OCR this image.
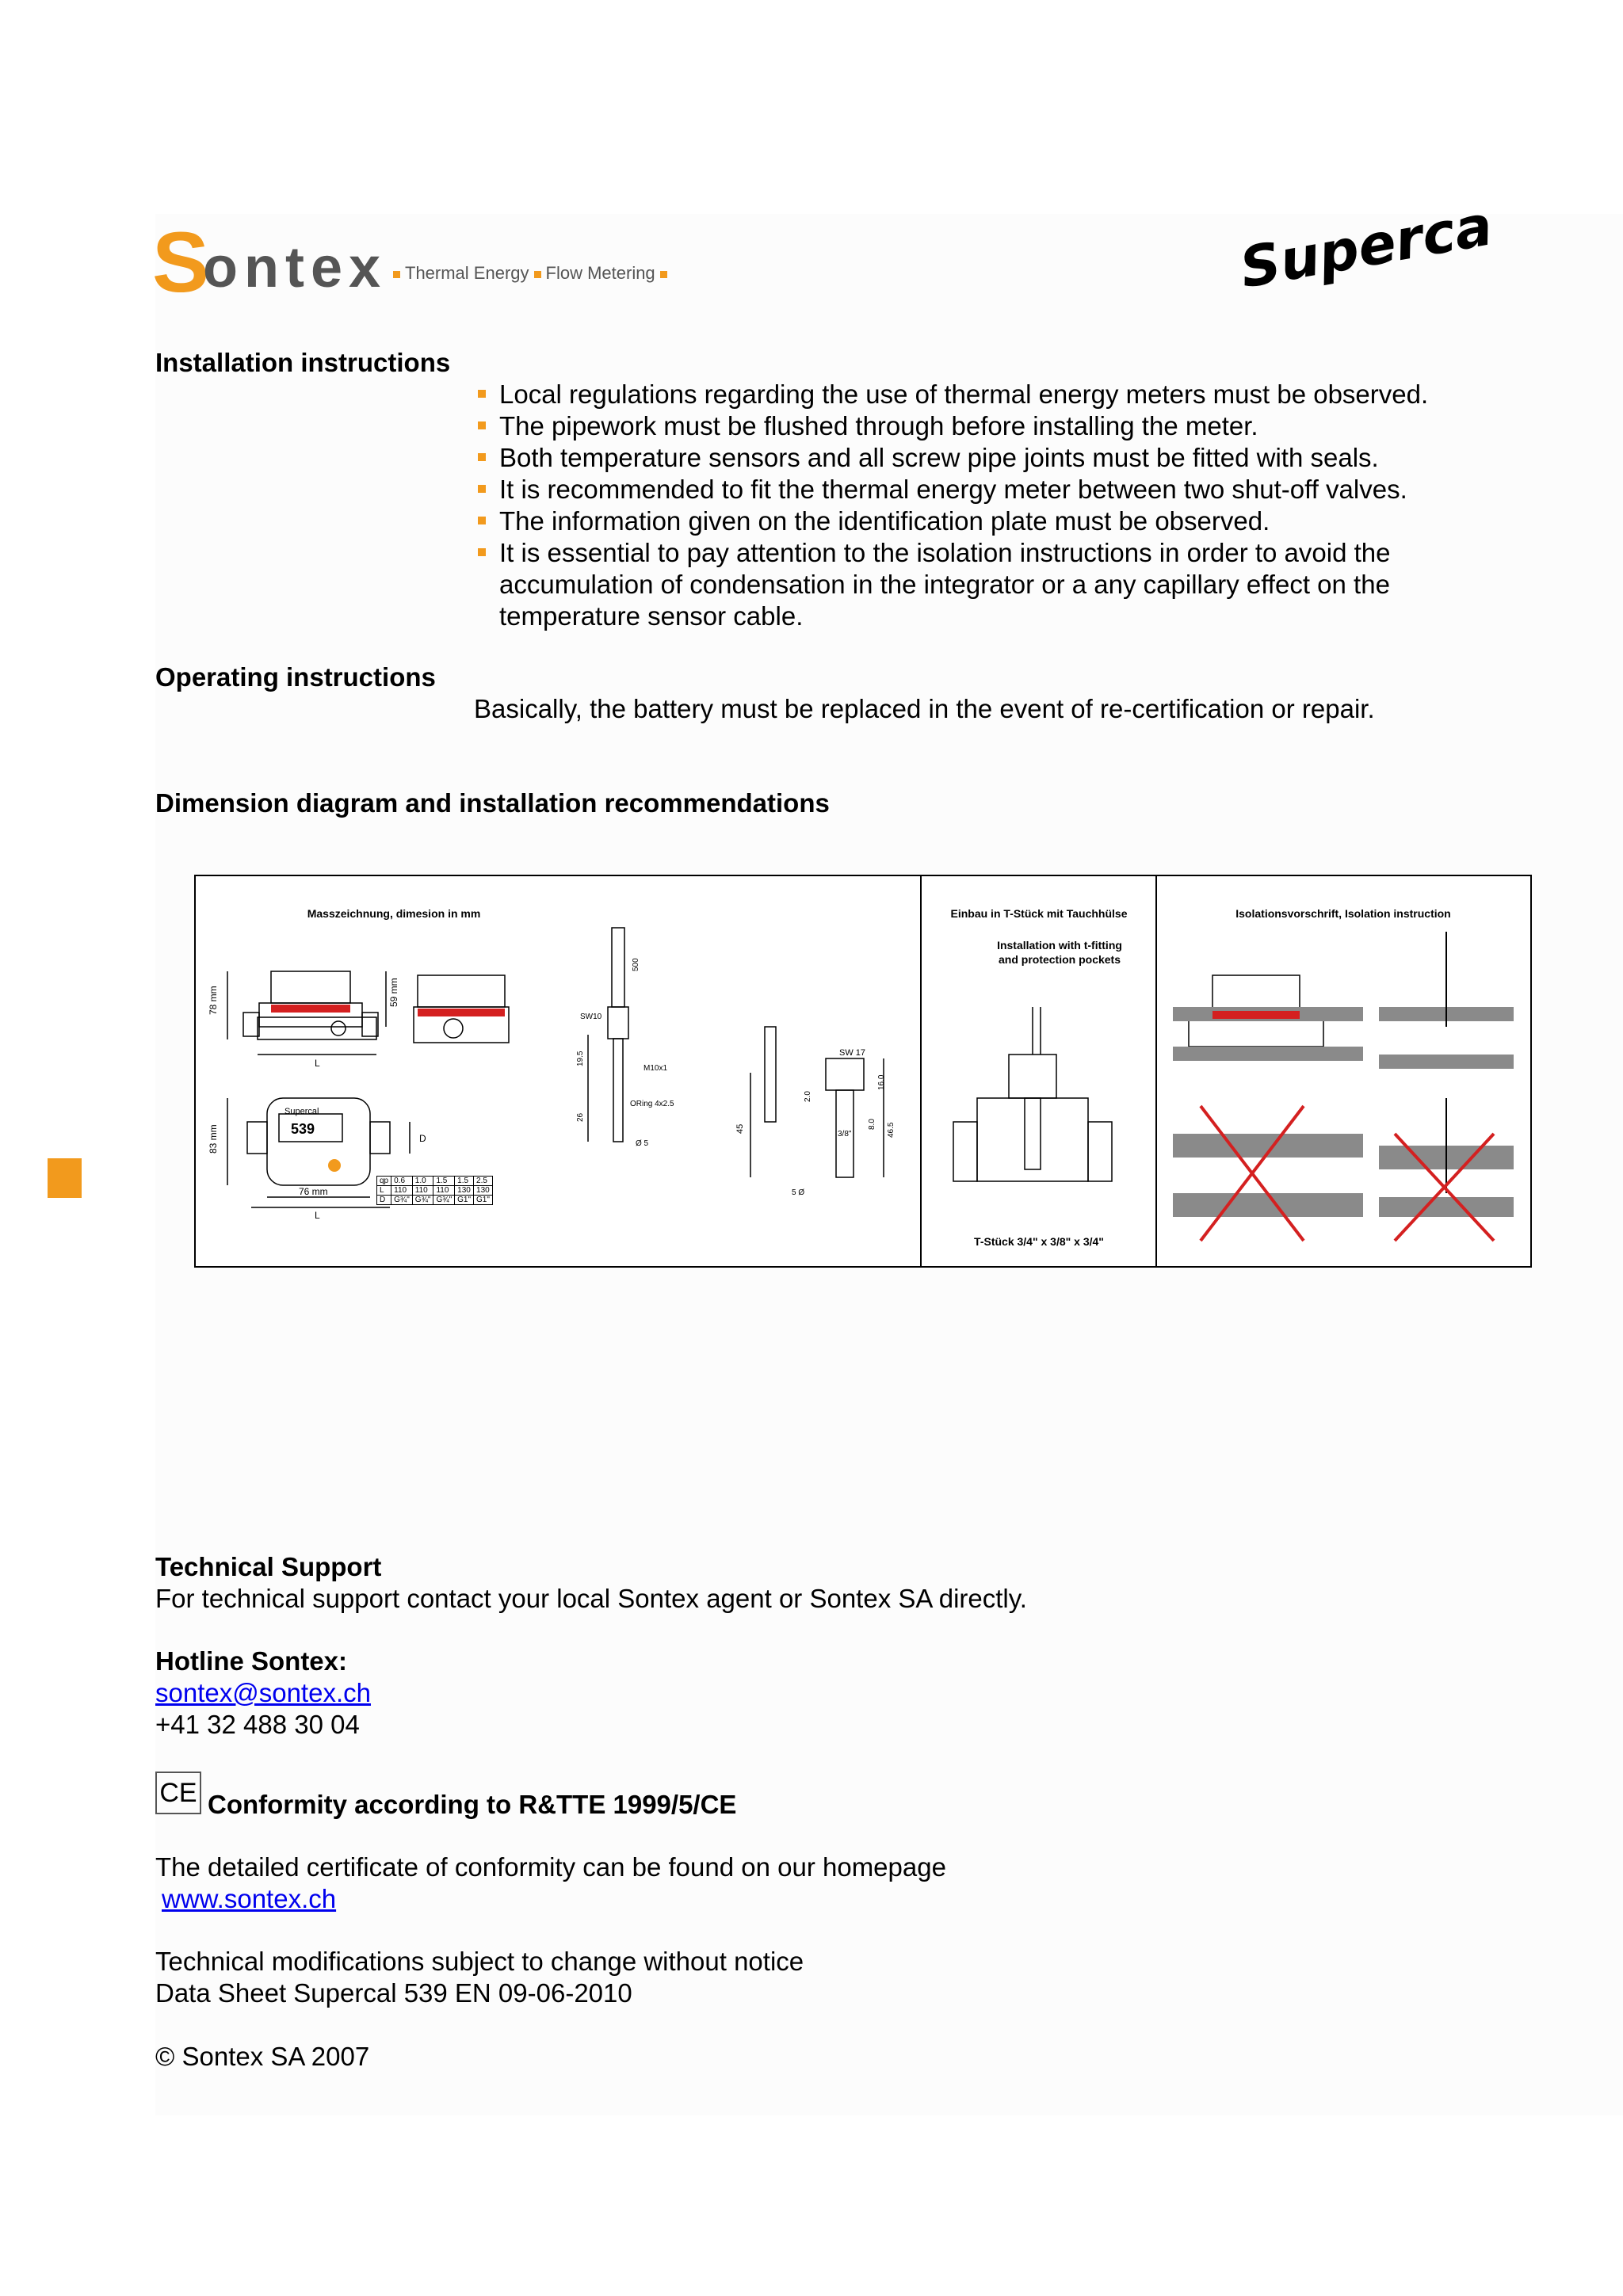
S
ontex	Thermal Energy Flow Metering	Supercal
Installation instructions
Local regulations regarding the use of thermal energy meters must be observed.
The pipework must be flushed through before installing the meter.
Both temperature sensors and all screw pipe joints must be fitted with seals.
It is recommended to fit the thermal energy meter between two shut-off valves.
The information given on the identification plate must be observed.
It is essential to pay attention to the isolation instructions in order to avoid the accumulation of condensation in the integrator or a any capillary effect on the temperature sensor cable.
Operating instructions
Basically, the battery must be replaced in the event of re-certification or repair.
Dimension diagram and installation recommendations
Masszeichnung, dimesion in mm	Einbau in T-Stück mit Tauchhülse
Installation with t-fitting and protection pockets
T-Stück 3/4" x 3/8" x 3/4"
Isolationsvorschrift, Isolation instruction
78 mm	59 mm
L
83 mm
76 mm
L
D
Supercal
539
SW10
M10x1
ORing 4x2.5
Ø 5
500
19.5
26
SW 17
45
2.0
16.0
8.0 46.5
3/8"
5 Ø
qp	0.6	1.0	1.5	1.5	2.5
L	110	110	110	130	130
D	G¾"	G¾"	G¾"	G1"	G1"
Technical Support
For technical support contact your local Sontex agent or Sontex SA directly.
Hotline Sontex:
sontex@sontex.ch
+41 32 488 30 04
CE Conformity according to R&TTE 1999/5/CE
The detailed certificate of conformity can be found on our homepage
www.sontex.ch
Technical modifications subject to change without notice
Data Sheet Supercal 539 EN 09-06-2010
© Sontex SA 2007
